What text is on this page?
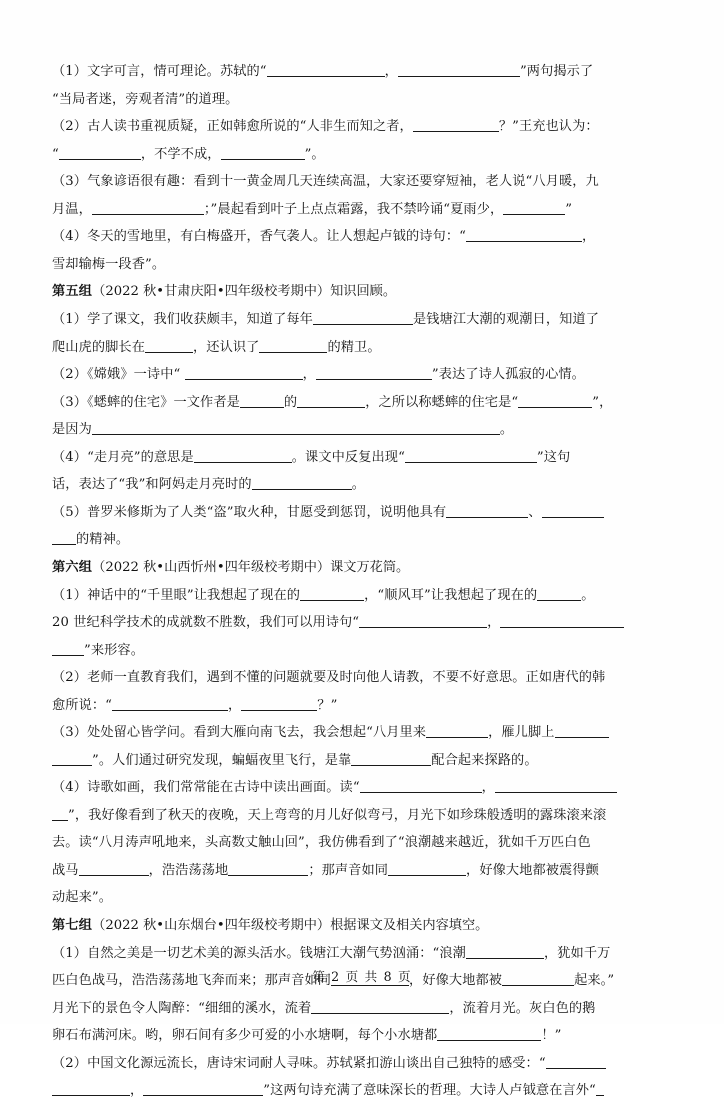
（1）文字可言，情可理论。苏轼的“	，	”两句揭示了
“当局者迷，旁观者清”的道理。
（2）古人读书重视质疑，正如韩愈所说的“人非生而知之者，	？”王充也认为：
“	，不学不成，	”。
（3）气象谚语很有趣：看到十一黄金周几天连续高温，大家还要穿短袖，老人说“八月暖，九
月温，	；”晨起看到叶子上点点霜露，我不禁吟诵“夏雨少，	”
（4）冬天的雪地里，有白梅盛开，香气袭人。让人想起卢钺的诗句：“	，
雪却输梅一段香”。
第五组（2022 秋•甘肃庆阳•四年级校考期中）知识回顾。
（1）学了课文，我们收获颇丰，知道了每年	是钱塘江大潮的观潮日，知道了
爬山虎的脚长在	，还认识了	的精卫。
（2）《嫦娥》一诗中“	，	”表达了诗人孤寂的心情。
（3）《蟋蟀的住宅》一文作者是	的	，之所以称蟋蟀的住宅是“	”，
是因为	。
（4）“走月亮”的意思是	。课文中反复出现“	”这句
话，表达了“我”和阿妈走月亮时的	。
（5）普罗米修斯为了人类“盗”取火种，甘愿受到惩罚，说明他具有	、
的精神。
第六组（2022 秋•山西忻州•四年级校考期中）课文万花筒。
（1）神话中的“千里眼”让我想起了现在的	，“顺风耳”让我想起了现在的	。
20 世纪科学技术的成就数不胜数，我们可以用诗句“	，
”来形容。
（2）老师一直教育我们，遇到不懂的问题就要及时向他人请教，不要不好意思。正如唐代的韩
愈所说：“	，	？”
（3）处处留心皆学问。看到大雁向南飞去，我会想起“八月里来	，雁儿脚上
”。人们通过研究发现，蝙蝠夜里飞行，是靠	配合起来探路的。
（4）诗歌如画，我们常常能在古诗中读出画面。读“	，
”，我好像看到了秋天的夜晚，天上弯弯的月儿好似弯弓，月光下如珍珠般透明的露珠滚来滚
去。读“八月涛声吼地来，头高数丈触山回”，我仿佛看到了“浪潮越来越近，犹如千万匹白色
战马	，浩浩荡荡地	；那声音如同	，好像大地都被震得颤
动起来”。
第七组（2022 秋•山东烟台•四年级校考期中）根据课文及相关内容填空。
（1）自然之美是一切艺术美的源头活水。钱塘江大潮气势汹涌：“浪潮	，犹如千万
匹白色战马，浩浩荡荡地飞奔而来；那声音如同	，好像大地都被	起来。”
月光下的景色令人陶醉：“细细的溪水，流着	，流着月光。灰白色的鹅
卵石布满河床。哟，卵石间有多少可爱的小水塘啊，每个小水塘都	！”
（2）中国文化源远流长，唐诗宋词耐人寻味。苏轼紧扣游山谈出自己独特的感受：“
，	”这两句诗充满了意味深长的哲理。大诗人卢钺意在言外“
第 2 页 共 8 页
